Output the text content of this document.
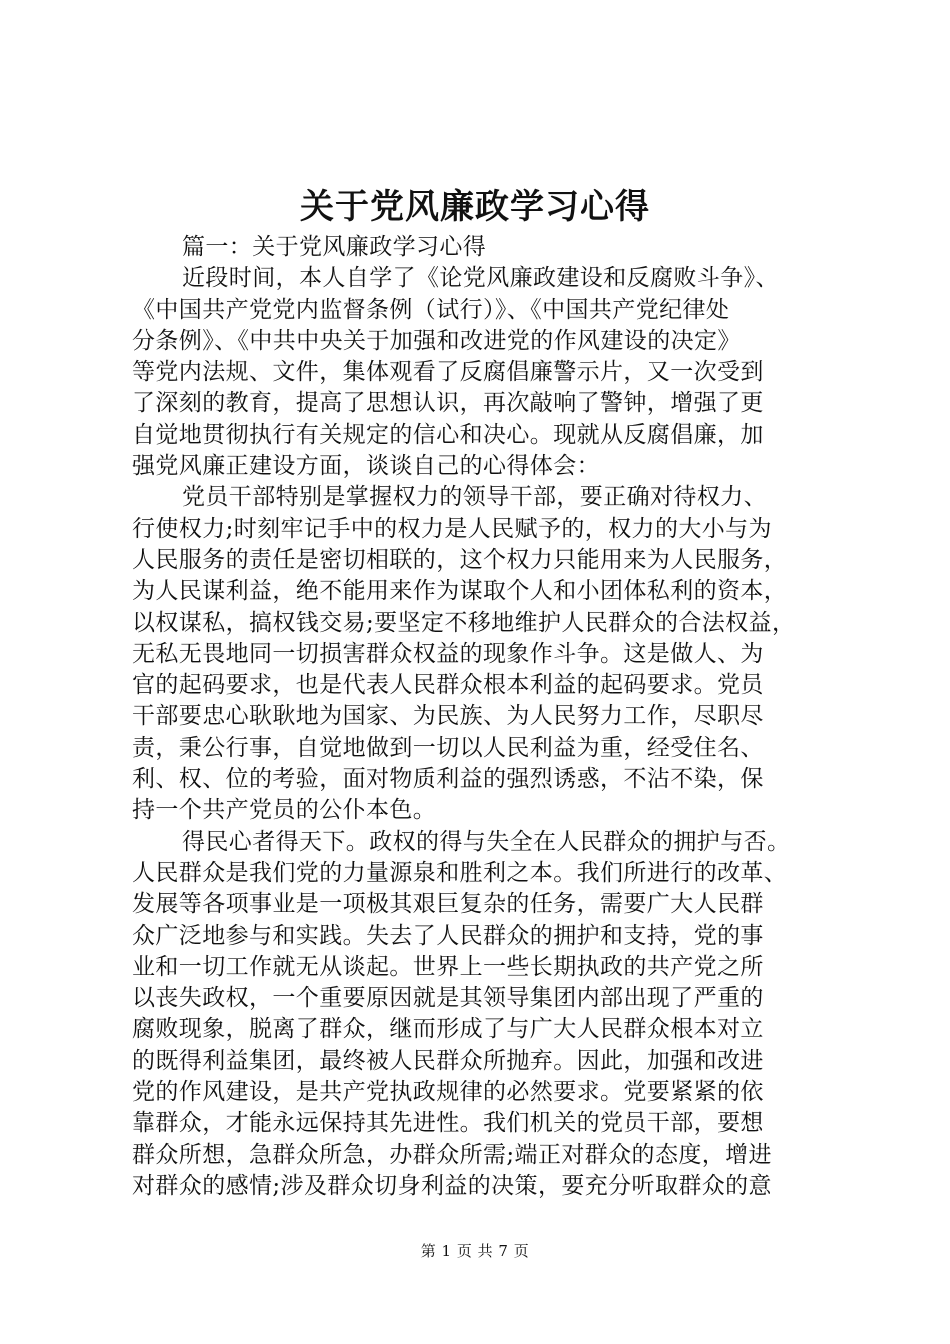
关于党风廉政学习心得
篇一：关于党风廉政学习心得
近段时间，本人自学了《论党风廉政建设和反腐败斗争》、
《中国共产党党内监督条例（试行）》、《中国共产党纪律处
分条例》、《中共中央关于加强和改进党的作风建设的决定》
等党内法规、文件，集体观看了反腐倡廉警示片，又一次受到
了深刻的教育，提高了思想认识，再次敲响了警钟，增强了更
自觉地贯彻执行有关规定的信心和决心。现就从反腐倡廉，加
强党风廉正建设方面，谈谈自己的心得体会：
党员干部特别是掌握权力的领导干部，要正确对待权力、
行使权力;时刻牢记手中的权力是人民赋予的，权力的大小与为
人民服务的责任是密切相联的，这个权力只能用来为人民服务，
为人民谋利益，绝不能用来作为谋取个人和小团体私利的资本，
以权谋私，搞权钱交易;要坚定不移地维护人民群众的合法权益，
无私无畏地同一切损害群众权益的现象作斗争。这是做人、为
官的起码要求，也是代表人民群众根本利益的起码要求。党员
干部要忠心耿耿地为国家、为民族、为人民努力工作，尽职尽
责，秉公行事，自觉地做到一切以人民利益为重，经受住名、
利、权、位的考验，面对物质利益的强烈诱惑，不沾不染，保
持一个共产党员的公仆本色。
得民心者得天下。政权的得与失全在人民群众的拥护与否。
人民群众是我们党的力量源泉和胜利之本。我们所进行的改革、
发展等各项事业是一项极其艰巨复杂的任务，需要广大人民群
众广泛地参与和实践。失去了人民群众的拥护和支持，党的事
业和一切工作就无从谈起。世界上一些长期执政的共产党之所
以丧失政权，一个重要原因就是其领导集团内部出现了严重的
腐败现象，脱离了群众，继而形成了与广大人民群众根本对立
的既得利益集团，最终被人民群众所抛弃。因此，加强和改进
党的作风建设，是共产党执政规律的必然要求。党要紧紧的依
靠群众，才能永远保持其先进性。我们机关的党员干部，要想
群众所想，急群众所急，办群众所需;端正对群众的态度，增进
对群众的感情;涉及群众切身利益的决策，要充分听取群众的意
第 1 页 共 7 页
